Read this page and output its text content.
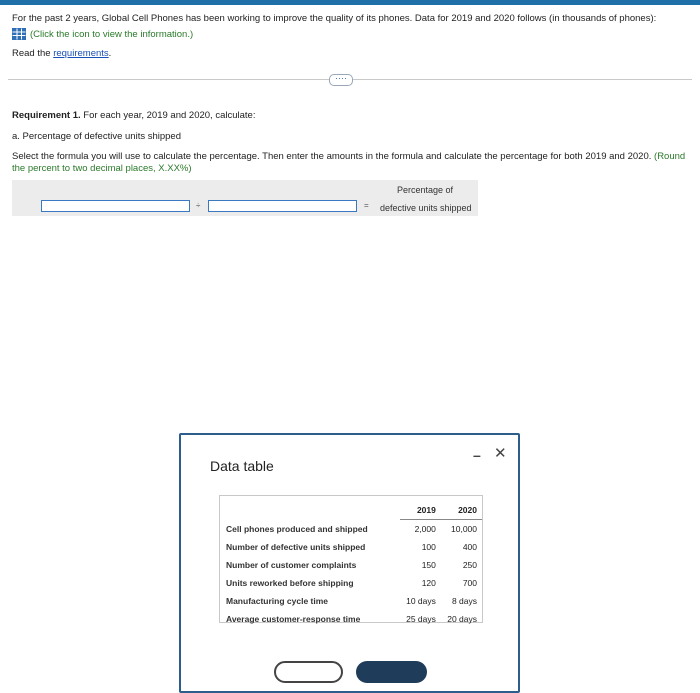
For the past 2 years, Global Cell Phones has been working to improve the quality of its phones. Data for 2019 and 2020 follows (in thousands of phones):
(Click the icon to view the information.)
Read the requirements.
····
Requirement 1. For each year, 2019 and 2020, calculate:
a. Percentage of defective units shipped
Select the formula you will use to calculate the percentage. Then enter the amounts in the formula and calculate the percentage for both 2019 and 2020. (Round the percent to two decimal places, X.XX%)
Percentage of
÷	= defective units shipped
Data table
– ✕
	2019	2020
Cell phones produced and shipped	2,000	10,000
Number of defective units shipped	100	400
Number of customer complaints	150	250
Units reworked before shipping	120	700
Manufacturing cycle time	10 days	8 days
Average customer-response time	25 days	20 days
